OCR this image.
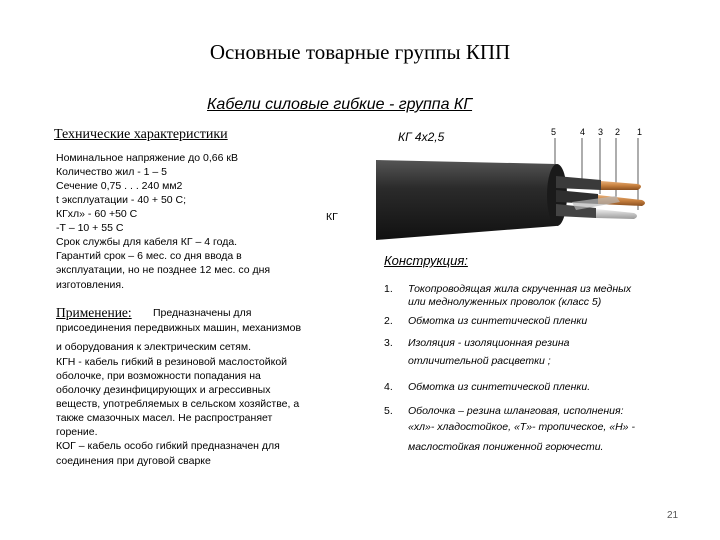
Основные товарные группы КПП
Кабели силовые гибкие - группа КГ
Технические характеристики
Номинальное напряжение до 0,66 кВ
Количество жил - 1 – 5
Сечение 0,75 . . . 240 мм2
t эксплуатации - 40 + 50 С;
КГхл» - 60 +50 С
-Т – 10 + 55 С
Срок службы для кабеля КГ – 4 года.
Гарантий срок – 6 мес. со дня ввода в
эксплуатации, но не позднее 12 мес. со дня
изготовления.
КГ
Применение: Предназначены для
присоединения передвижных машин, механизмов
и оборудования к электрическим сетям.
КГН - кабель гибкий в резиновой маслостойкой
оболочке, при возможности попадания на
оболочку дезинфицирующих и агрессивных
веществ, употребляемых в сельском хозяйстве, а
также смазочных масел. Не распространяет
горение.
КОГ – кабель особо гибкий предназначен для
соединения при дуговой сварке
КГ 4х2,5	5	4 3 2 1
Конструкция:
1. Токопроводящая жила скрученная из медных
или меднолуженных проволок (класс 5)
2. Обмотка из синтетической пленки
3. Изоляция - изоляционная резина
отличительной расцветки ;
4. Обмотка из синтетической пленки.
5. Оболочка – резина шланговая, исполнения:
«хл»- хладостойкое, «Т»- тропическое, «Н» -
маслостойкая пониженной горючести.
21
